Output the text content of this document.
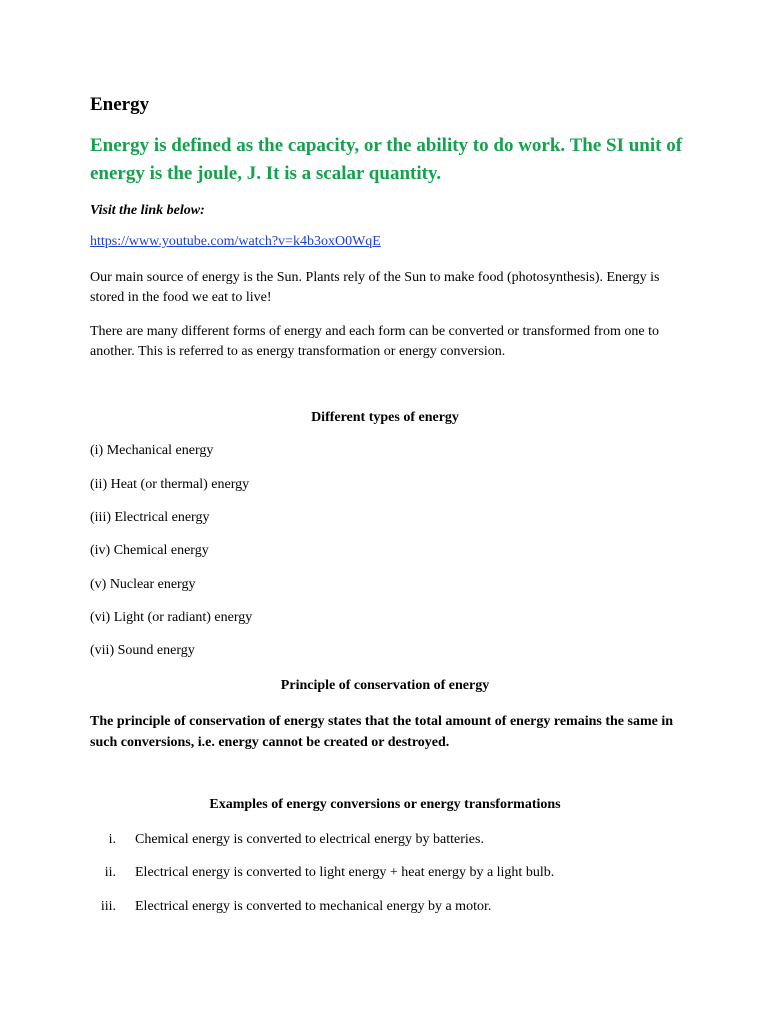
Energy

Energy is defined as the capacity, or the ability to do work. The SI unit of energy is the joule, J. It is a scalar quantity.

Visit the link below:

https://www.youtube.com/watch?v=k4b3oxO0WqE

Our main source of energy is the Sun. Plants rely of the Sun to make food (photosynthesis). Energy is stored in the food we eat to live!

There are many different forms of energy and each form can be converted or transformed from one to another. This is referred to as energy transformation or energy conversion.

Different types of energy

(i) Mechanical energy

(ii) Heat (or thermal) energy

(iii) Electrical energy

(iv) Chemical energy

(v) Nuclear energy

(vi) Light (or radiant) energy

(vii) Sound energy

Principle of conservation of energy

The principle of conservation of energy states that the total amount of energy remains the same in such conversions, i.e. energy cannot be created or destroyed.

Examples of energy conversions or energy transformations

i. Chemical energy is converted to electrical energy by batteries.
ii. Electrical energy is converted to light energy + heat energy by a light bulb.
iii. Electrical energy is converted to mechanical energy by a motor.
